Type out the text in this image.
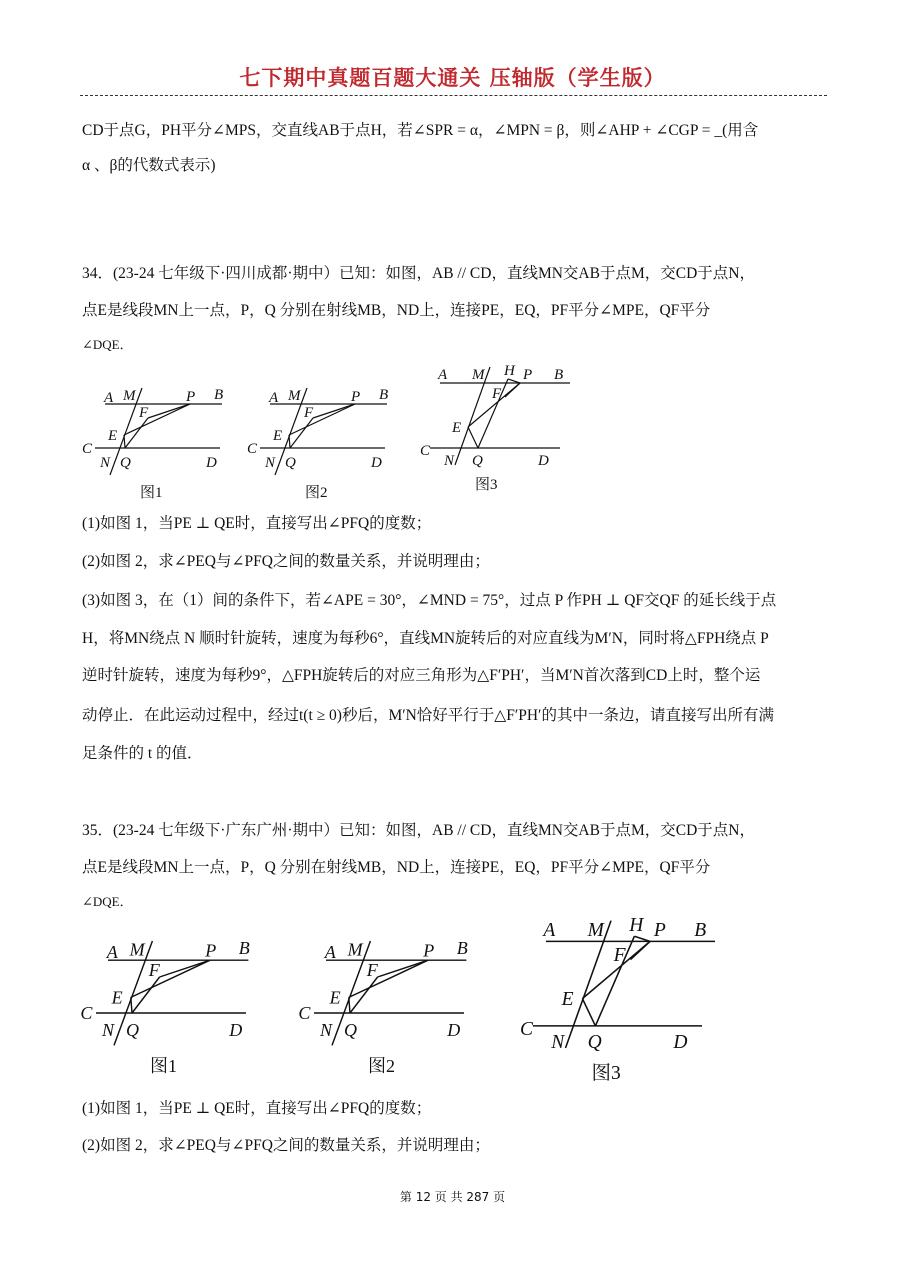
七下期中真题百题大通关 压轴版（学生版）
CD于点G，PH平分∠MPS，交直线AB于点H，若∠SPR = α，∠MPN = β，则∠AHP + ∠CGP = _(用含
α 、β的代数式表示)
34．(23-24 七年级下·四川成都·期中）已知：如图，AB // CD，直线MN交AB于点M，交CD于点N，
点E是线段MN上一点，P，Q 分别在射线MB，ND上，连接PE，EQ，PF平分∠MPE，QF平分
∠DQE．
A M	P B
C
N Q	D
E
F
图1
A M	P B
C
N Q	D
E
F
图2
A M H P B
F
E
C
N Q	D
图3
(1)如图 1，当PE ⊥ QE时，直接写出∠PFQ的度数；
(2)如图 2，求∠PEQ与∠PFQ之间的数量关系，并说明理由；
(3)如图 3，在（1）间的条件下，若∠APE = 30°，∠MND = 75°，过点 P 作PH ⊥ QF交QF 的延长线于点
H，将MN绕点 N 顺时针旋转，速度为每秒6°，直线MN旋转后的对应直线为M′N，同时将△FPH绕点 P
逆时针旋转，速度为每秒9°，△FPH旋转后的对应三角形为△F′PH′，当M′N首次落到CD上时，整个运
动停止．在此运动过程中，经过t(t ≥ 0)秒后，M′N恰好平行于△F′PH′的其中一条边，请直接写出所有满
足条件的 t 的值．
35．(23-24 七年级下·广东广州·期中）已知：如图，AB // CD，直线MN交AB于点M，交CD于点N，
点E是线段MN上一点，P，Q 分别在射线MB，ND上，连接PE，EQ，PF平分∠MPE，QF平分
∠DQE．
A M	P B
C
N Q	D
E
F
图1
A M	P B
C
N Q	D
E
F
图2
A M H P B
F
E
C
N Q	D
图3
(1)如图 1，当PE ⊥ QE时，直接写出∠PFQ的度数；
(2)如图 2，求∠PEQ与∠PFQ之间的数量关系，并说明理由；
第 12 页 共 287 页
